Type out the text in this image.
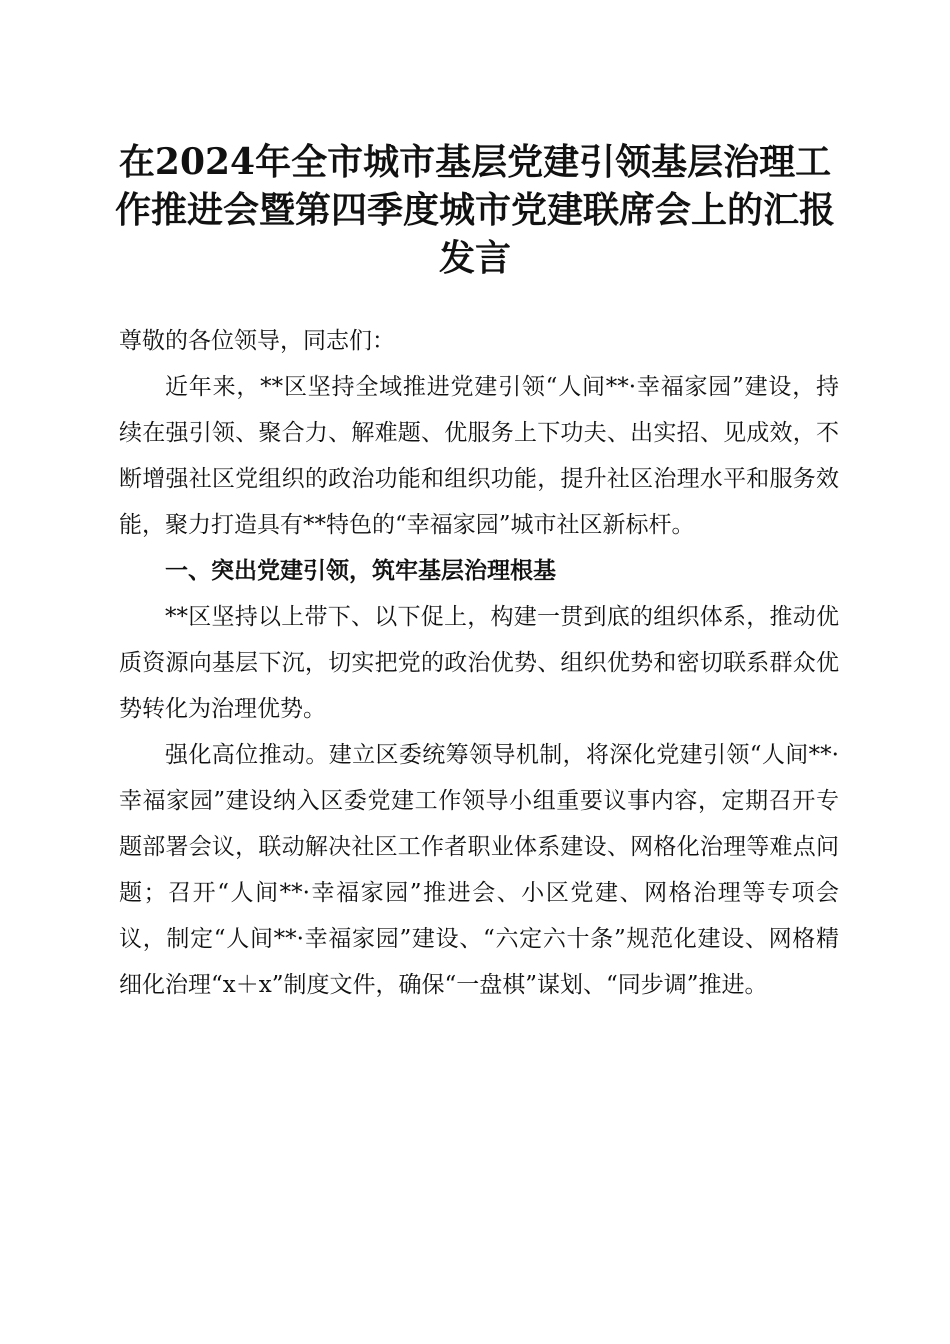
在2024年全市城市基层党建引领基层治理工作推进会暨第四季度城市党建联席会上的汇报发言

尊敬的各位领导，同志们：

近年来，**区坚持全域推进党建引领“人间**·幸福家园”建设，持续在强引领、聚合力、解难题、优服务上下功夫、出实招、见成效，不断增强社区党组织的政治功能和组织功能，提升社区治理水平和服务效能，聚力打造具有**特色的“幸福家园”城市社区新标杆。

一、突出党建引领，筑牢基层治理根基

**区坚持以上带下、以下促上，构建一贯到底的组织体系，推动优质资源向基层下沉，切实把党的政治优势、组织优势和密切联系群众优势转化为治理优势。

强化高位推动。建立区委统筹领导机制，将深化党建引领“人间**·幸福家园”建设纳入区委党建工作领导小组重要议事内容，定期召开专题部署会议，联动解决社区工作者职业体系建设、网格化治理等难点问题；召开“人间**·幸福家园”推进会、小区党建、网格治理等专项会议，制定“人间**·幸福家园”建设、“六定六十条”规范化建设、网格精细化治理“x＋x”制度文件，确保“一盘棋”谋划、“同步调”推进。
